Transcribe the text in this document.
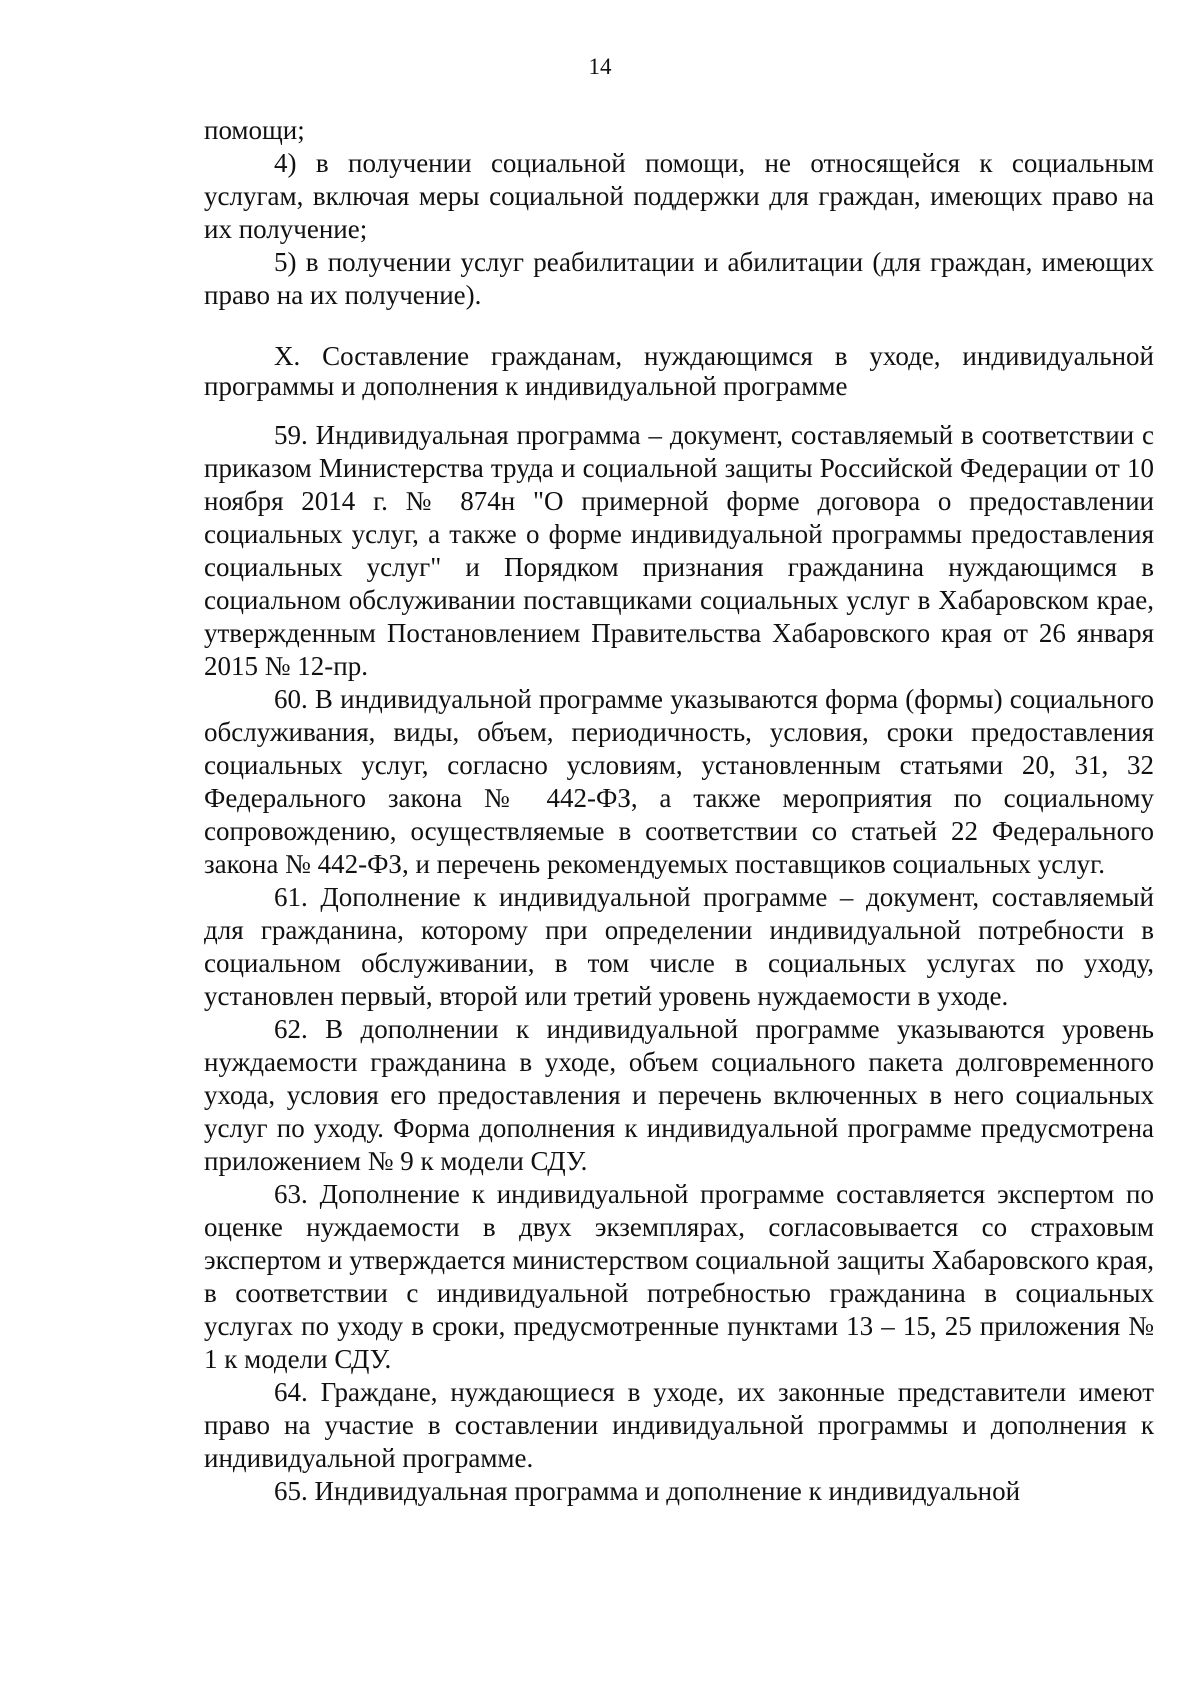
14

помощи;

4) в получении социальной помощи, не относящейся к социальным услугам, включая меры социальной поддержки для граждан, имеющих право на их получение;

5) в получении услуг реабилитации и абилитации (для граждан, имеющих право на их получение).

X. Составление гражданам, нуждающимся в уходе, индивидуальной программы и дополнения к индивидуальной программе

59. Индивидуальная программа – документ, составляемый в соответствии с приказом Министерства труда и социальной защиты Российской Федерации от 10 ноября 2014 г. № 874н "О примерной форме договора о предоставлении социальных услуг, а также о форме индивидуальной программы предоставления социальных услуг" и Порядком признания гражданина нуждающимся в социальном обслуживании поставщиками социальных услуг в Хабаровском крае, утвержденным Постановлением Правительства Хабаровского края от 26 января 2015 № 12-пр.

60. В индивидуальной программе указываются форма (формы) социального обслуживания, виды, объем, периодичность, условия, сроки предоставления социальных услуг, согласно условиям, установленным статьями 20, 31, 32 Федерального закона № 442-ФЗ, а также мероприятия по социальному сопровождению, осуществляемые в соответствии со статьей 22 Федерального закона № 442-ФЗ, и перечень рекомендуемых поставщиков социальных услуг.

61. Дополнение к индивидуальной программе – документ, составляемый для гражданина, которому при определении индивидуальной потребности в социальном обслуживании, в том числе в социальных услугах по уходу, установлен первый, второй или третий уровень нуждаемости в уходе.

62. В дополнении к индивидуальной программе указываются уровень нуждаемости гражданина в уходе, объем социального пакета долговременного ухода, условия его предоставления и перечень включенных в него социальных услуг по уходу. Форма дополнения к индивидуальной программе предусмотрена приложением № 9 к модели СДУ.

63. Дополнение к индивидуальной программе составляется экспертом по оценке нуждаемости в двух экземплярах, согласовывается со страховым экспертом и утверждается министерством социальной защиты Хабаровского края, в соответствии с индивидуальной потребностью гражданина в социальных услугах по уходу в сроки, предусмотренные пунктами 13 – 15, 25 приложения № 1 к модели СДУ.

64. Граждане, нуждающиеся в уходе, их законные представители имеют право на участие в составлении индивидуальной программы и дополнения к индивидуальной программе.

65. Индивидуальная программа и дополнение к индивидуальной
